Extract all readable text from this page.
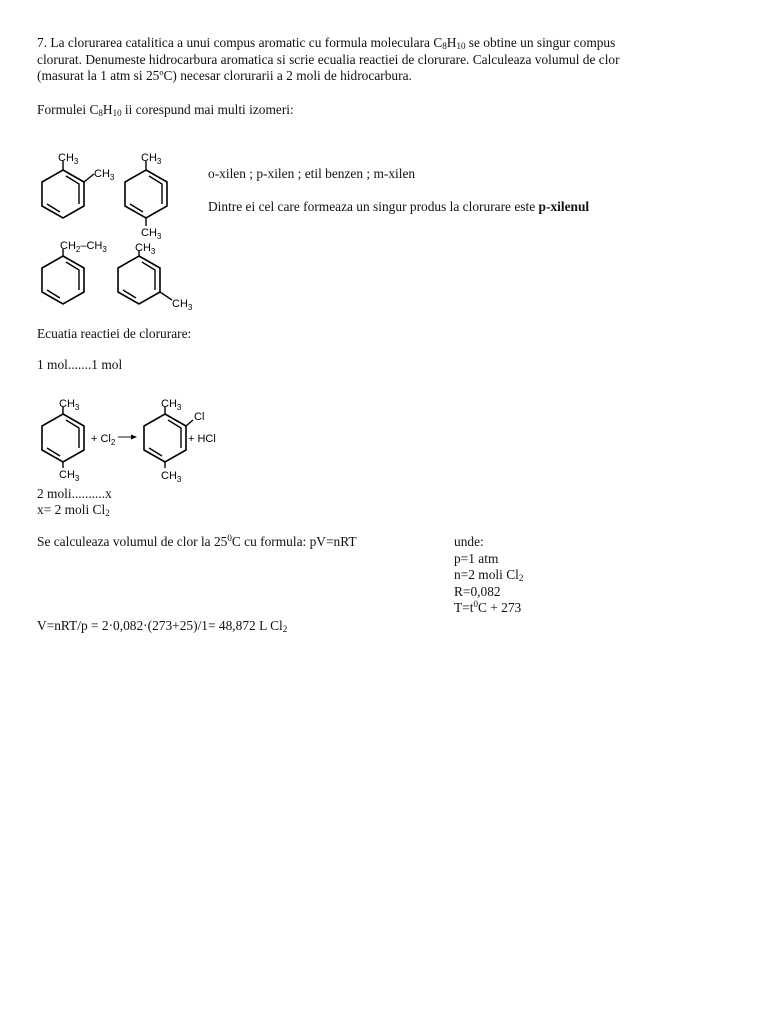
7. La clorurarea catalitica a unui compus aromatic cu formula moleculara $C_8H_{10}$ se obtine un singur compus

clorurat. Denumeste hidrocarbura aromatica si scrie ecualia reactiei de clorurare. Calculeaza volumul de clor

(masurat la 1 atm si 25ºC) necesar clorurarii a 2 moli de hidrocarbura.

Formulei $C_8H_{10}$ ii corespund mai multi izomeri:
o-xilen ; p-xilen ; etil benzen ; m-xilen
Dintre ei cel care formeaza un singur produs la clorurare este p-xilenul
$CH_3$
$CH_3$
$CH_3$
$CH_3$
$CH_2-CH_3$	$CH_3$
$CH_3$
$CH_3$
$CH_3$
+ $Cl_2$
$CH_3$
$CH_3$
Cl
+ HCl
Ecuatia reactiei de clorurare:
1 mol.......1 mol
2 moli..........x
x= 2 moli $Cl_2$
Se calculeaza volumul de clor la $25^0C$ cu formula: pV=nRT	unde:
p=1 atm
n=2 moli $Cl_2$
R=0,082
$T=t^0C + 273$
V=nRT/p = 2·0,082·(273+25)/1= 48,872 L $Cl_2$
